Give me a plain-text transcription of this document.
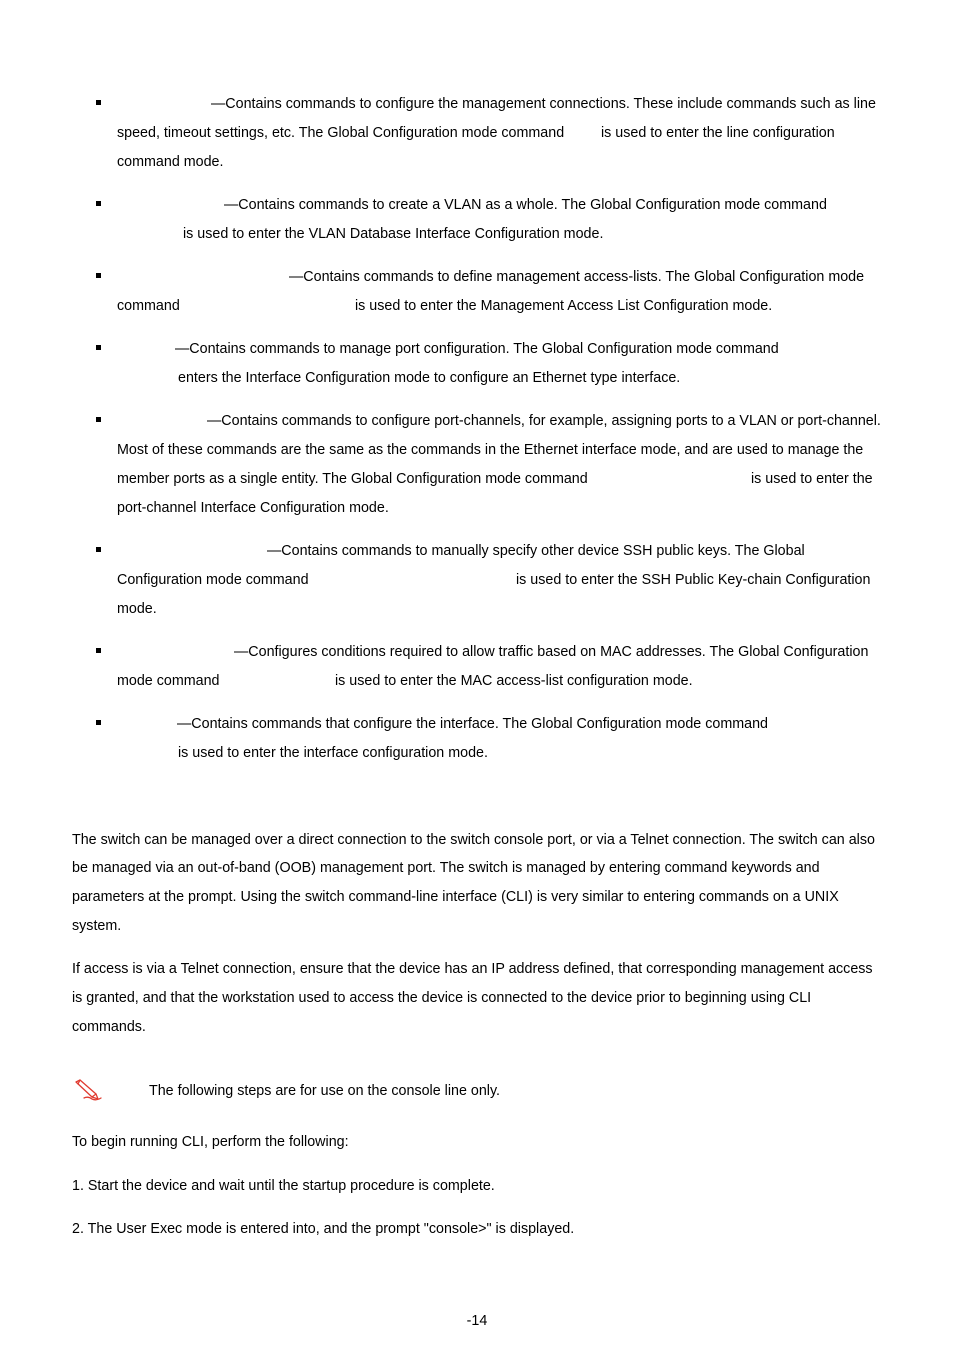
—Contains commands to configure the management connections. These include commands such as line
speed, timeout settings, etc. The Global Configuration mode command	is used to enter the line configuration
command mode.
—Contains commands to create a VLAN as a whole. The Global Configuration mode command
is used to enter the VLAN Database Interface Configuration mode.
—Contains commands to define management access-lists. The Global Configuration mode
command	is used to enter the Management Access List Configuration mode.
—Contains commands to manage port configuration. The Global Configuration mode command
enters the Interface Configuration mode to configure an Ethernet type interface.
—Contains commands to configure port-channels, for example, assigning ports to a VLAN or port-channel.
Most of these commands are the same as the commands in the Ethernet interface mode, and are used to manage the
member ports as a single entity. The Global Configuration mode command	is used to enter the
port-channel Interface Configuration mode.
—Contains commands to manually specify other device SSH public keys. The Global
Configuration mode command	is used to enter the SSH Public Key-chain Configuration
mode.
—Configures conditions required to allow traffic based on MAC addresses. The Global Configuration
mode command	is used to enter the MAC access-list configuration mode.
—Contains commands that configure the interface. The Global Configuration mode command
is used to enter the interface configuration mode.
The switch can be managed over a direct connection to the switch console port, or via a Telnet connection. The switch can also
be managed via an out-of-band (OOB) management port. The switch is managed by entering command keywords and
parameters at the prompt. Using the switch command-line interface (CLI) is very similar to entering commands on a UNIX
system.
If access is via a Telnet connection, ensure that the device has an IP address defined, that corresponding management access
is granted, and that the workstation used to access the device is connected to the device prior to beginning using CLI
commands.
The following steps are for use on the console line only.
To begin running CLI, perform the following:
1. Start the device and wait until the startup procedure is complete.
2. The User Exec mode is entered into, and the prompt "console>" is displayed.
-14
